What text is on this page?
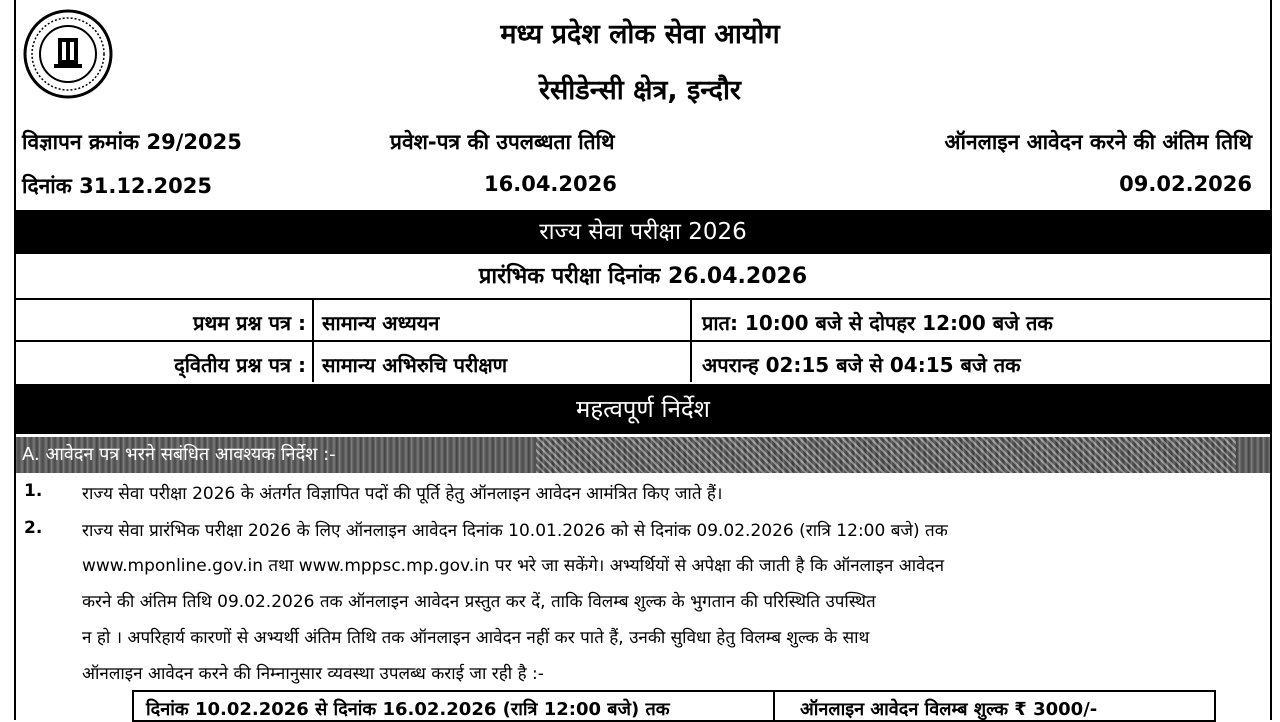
मध्य प्रदेश लोक सेवा आयोग
रेसीडेन्सी क्षेत्र, इन्दौर
विज्ञापन क्रमांक 29/2025	प्रवेश-पत्र की उपलब्धता तिथि	ऑनलाइन आवेदन करने की अंतिम तिथि
दिनांक 31.12.2025	16.04.2026	09.02.2026
राज्य सेवा परीक्षा 2026
प्रारंभिक परीक्षा दिनांक 26.04.2026
प्रथम प्रश्न पत्र : सामान्य अध्ययन	प्रात: 10:00 बजे से दोपहर 12:00 बजे तक
द्‌वितीय प्रश्न पत्र : सामान्य अभिरुचि परीक्षण	अपरान्ह 02:15 बजे से 04:15 बजे तक
महत्वपूर्ण निर्देश
A. आवेदन पत्र भरने सबंधित आवश्यक निर्देश :-
1. राज्य सेवा परीक्षा 2026 के अंतर्गत विज्ञापित पदों की पूर्ति हेतु ऑनलाइन आवेदन आमंत्रित किए जाते हैं।
2. राज्य सेवा प्रारंभिक परीक्षा 2026 के लिए ऑनलाइन आवेदन दिनांक 10.01.2026 को से दिनांक 09.02.2026 (रात्रि 12:00 बजे) तक
www.mponline.gov.in तथा www.mppsc.mp.gov.in पर भरे जा सकेंगे। अभ्यर्थियों से अपेक्षा की जाती है कि ऑनलाइन आवेदन
करने की अंतिम तिथि 09.02.2026 तक ऑनलाइन आवेदन प्रस्तुत कर दें, ताकि विलम्ब शुल्क के भुगतान की परिस्थिति उपस्थित
न हो । अपरिहार्य कारणों से अभ्यर्थी अंतिम तिथि तक ऑनलाइन आवेदन नहीं कर पाते हैं, उनकी सुविधा हेतु विलम्ब शुल्क के साथ
ऑनलाइन आवेदन करने की निम्नानुसार व्यवस्था उपलब्ध कराई जा रही है :-
दिनांक 10.02.2026 से दिनांक 16.02.2026 (रात्रि 12:00 बजे) तक	ऑनलाइन आवेदन विलम्ब शुल्क ₹ 3000/-
